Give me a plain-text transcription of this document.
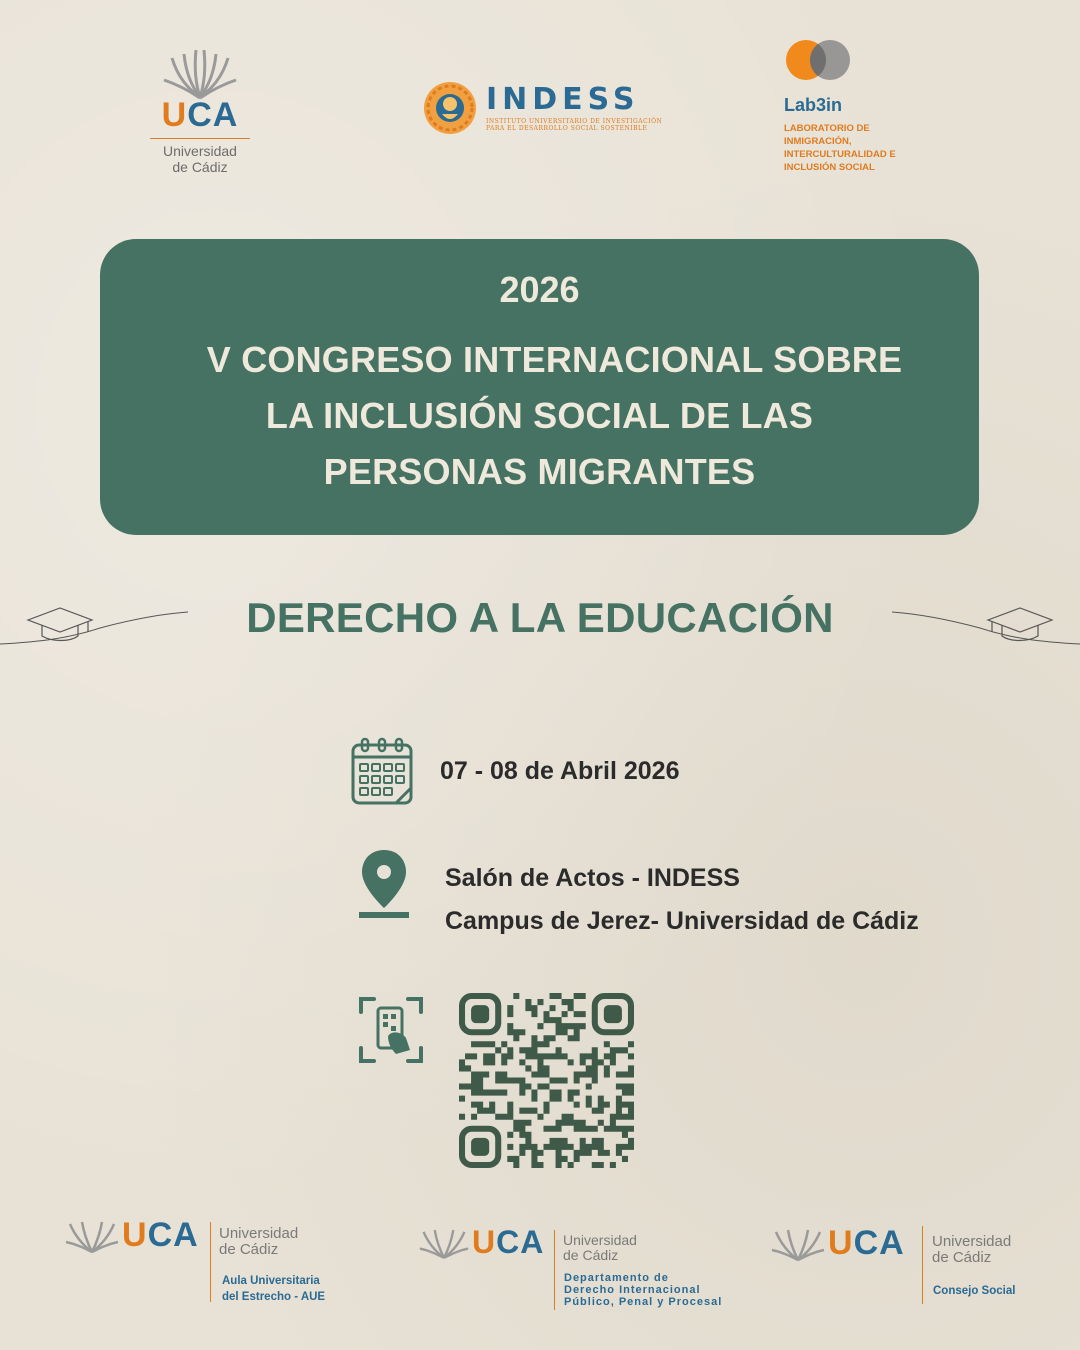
UCA
Universidad
de Cádiz
INDESS
INSTITUTO UNIVERSITARIO DE INVESTIGACIÓN
PARA EL DESARROLLO SOCIAL SOSTENIBLE
Lab3in
LABORATORIO DE
INMIGRACIÓN,
INTERCULTURALIDAD E
INCLUSIÓN SOCIAL
2026
V CONGRESO INTERNACIONAL SOBRE
LA INCLUSIÓN SOCIAL DE LAS
PERSONAS MIGRANTES
DERECHO A LA EDUCACIÓN
07 - 08 de Abril 2026
Salón de Actos - INDESS
Campus de Jerez- Universidad de Cádiz
UCA Universidad
de Cádiz
Aula Universitaria
del Estrecho - AUE
UCA Universidad
de Cádiz
Departamento de
Derecho Internacional
Público, Penal y Procesal
UCA Universidad
de Cádiz
Consejo Social
